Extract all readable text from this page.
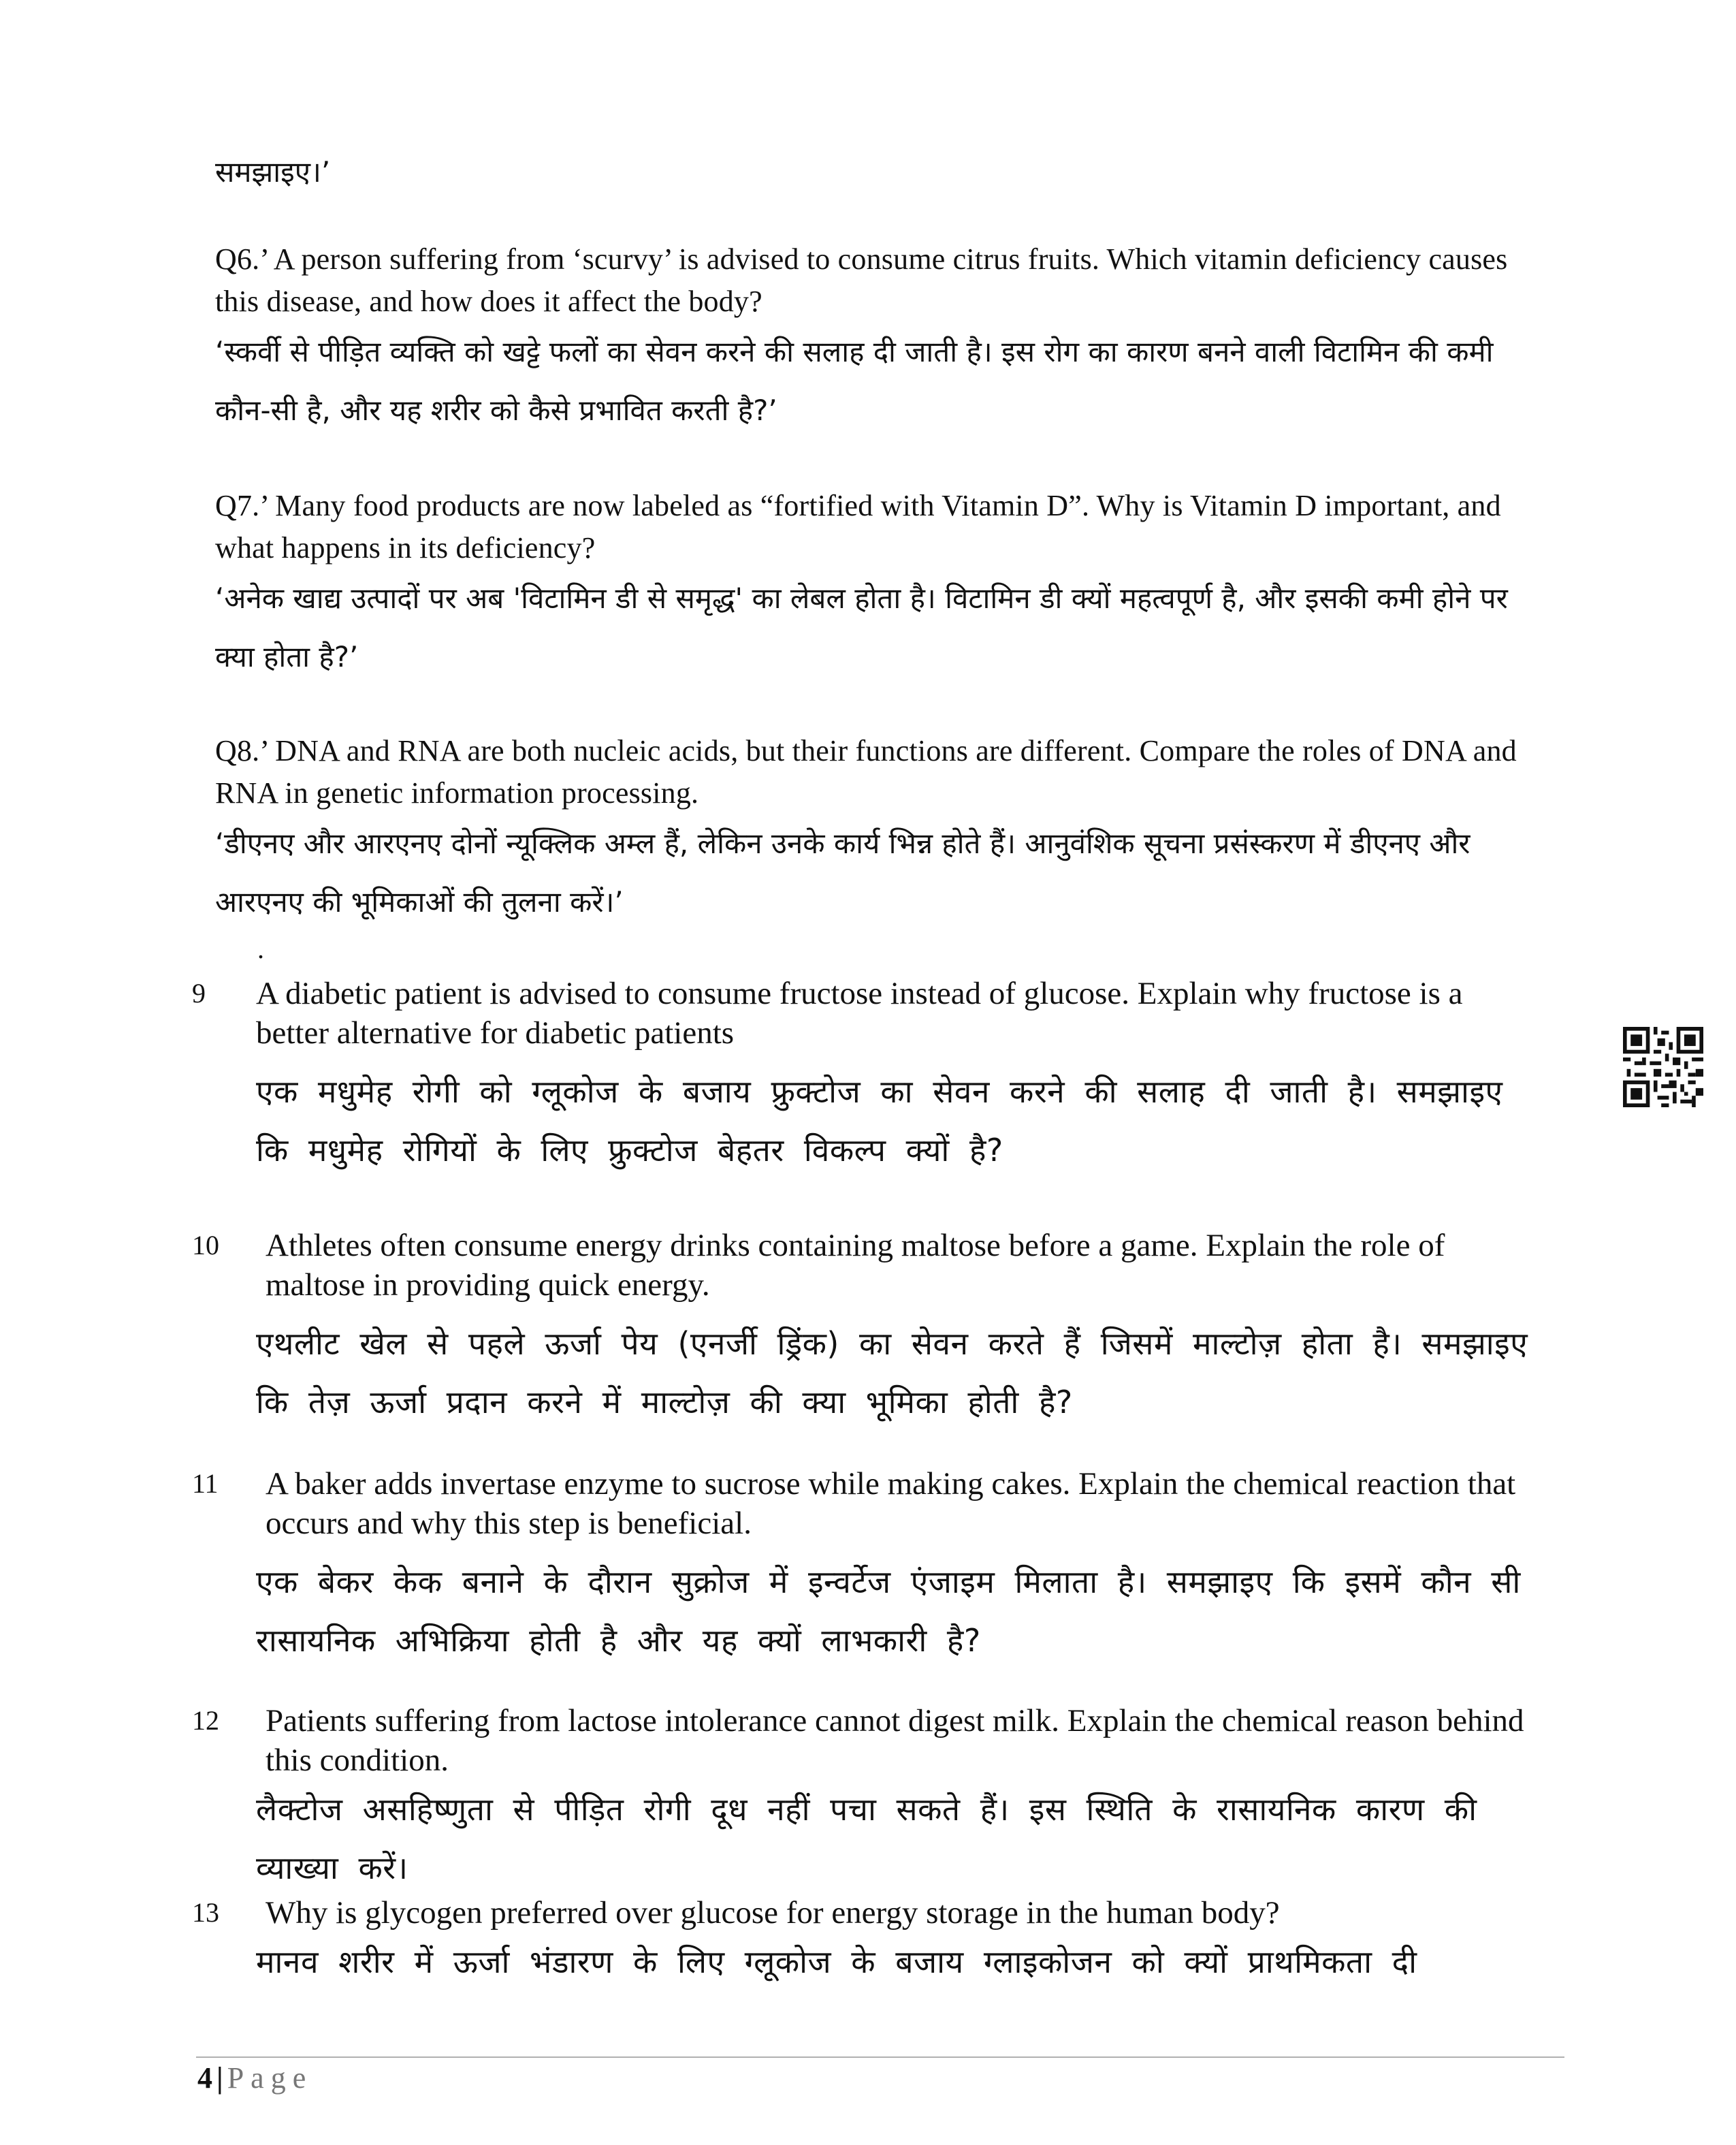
समझाइए।’
Q6.’ A person suffering from ‘scurvy’ is advised to consume citrus fruits. Which vitamin deficiency causes this disease, and how does it affect the body?
‘स्कर्वी से पीड़ित व्यक्ति को खट्टे फलों का सेवन करने की सलाह दी जाती है। इस रोग का कारण बनने वाली विटामिन की कमी कौन-सी है, और यह शरीर को कैसे प्रभावित करती है?’
Q7.’ Many food products are now labeled as “fortified with Vitamin D”. Why is Vitamin D important, and what happens in its deficiency?
‘अनेक खाद्य उत्पादों पर अब 'विटामिन डी से समृद्ध' का लेबल होता है। विटामिन डी क्यों महत्वपूर्ण है, और इसकी कमी होने पर क्या होता है?’
Q8.’ DNA and RNA are both nucleic acids, but their functions are different. Compare the roles of DNA and RNA in genetic information processing.
‘डीएनए और आरएनए दोनों न्यूक्लिक अम्ल हैं, लेकिन उनके कार्य भिन्न होते हैं। आनुवंशिक सूचना प्रसंस्करण में डीएनए और आरएनए की भूमिकाओं की तुलना करें।’
.
9 A diabetic patient is advised to consume fructose instead of glucose. Explain why fructose is a better alternative for diabetic patients
एक मधुमेह रोगी को ग्लूकोज के बजाय फ्रुक्टोज का सेवन करने की सलाह दी जाती है। समझाइए कि मधुमेह रोगियों के लिए फ्रुक्टोज बेहतर विकल्प क्यों है?
10 Athletes often consume energy drinks containing maltose before a game. Explain the role of maltose in providing quick energy.
एथलीट खेल से पहले ऊर्जा पेय (एनर्जी ड्रिंक) का सेवन करते हैं जिसमें माल्टोज़ होता है। समझाइए कि तेज़ ऊर्जा प्रदान करने में माल्टोज़ की क्या भूमिका होती है?
11 A baker adds invertase enzyme to sucrose while making cakes. Explain the chemical reaction that occurs and why this step is beneficial.
एक बेकर केक बनाने के दौरान सुक्रोज में इन्वर्टेज एंजाइम मिलाता है। समझाइए कि इसमें कौन सी रासायनिक अभिक्रिया होती है और यह क्यों लाभकारी है?
12 Patients suffering from lactose intolerance cannot digest milk. Explain the chemical reason behind this condition.
लैक्टोज असहिष्णुता से पीड़ित रोगी दूध नहीं पचा सकते हैं। इस स्थिति के रासायनिक कारण की व्याख्या करें।
13 Why is glycogen preferred over glucose for energy storage in the human body?
मानव शरीर में ऊर्जा भंडारण के लिए ग्लूकोज के बजाय ग्लाइकोजन को क्यों प्राथमिकता दी
4 | Page
